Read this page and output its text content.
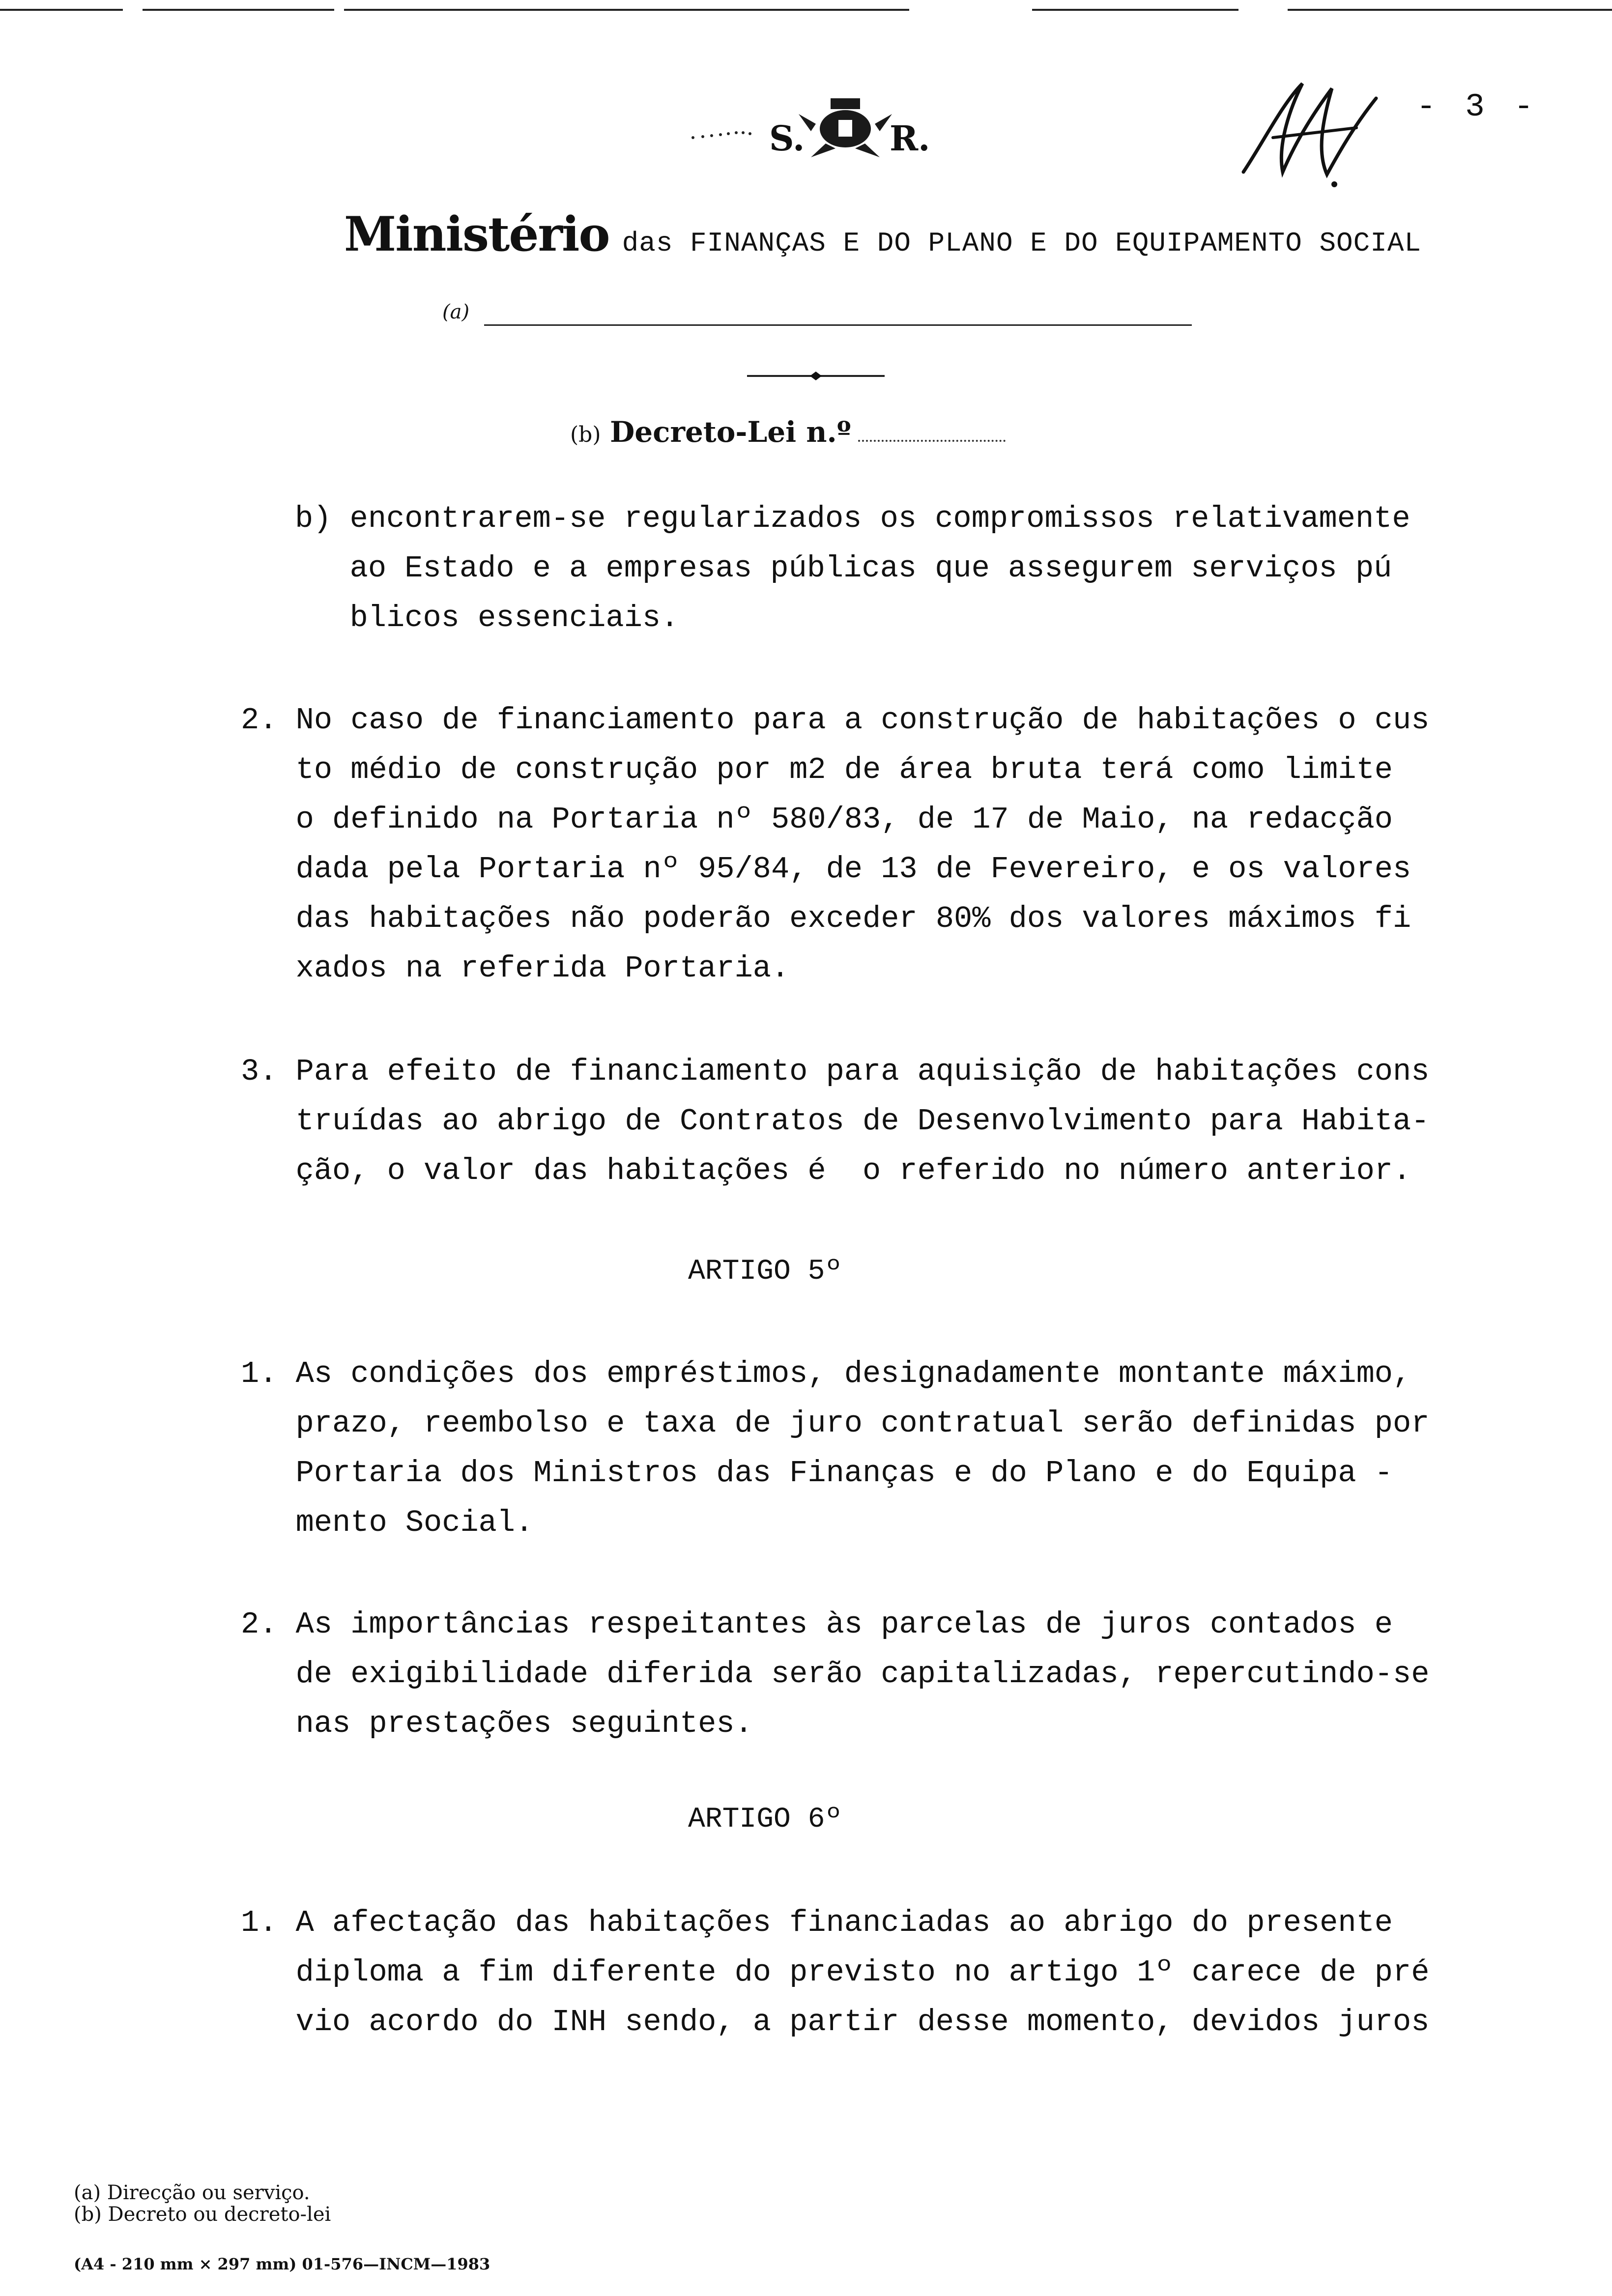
- 3 -
S. R.
Ministério das FINANÇAS E DO PLANO E DO EQUIPAMENTO SOCIAL
(a)
(b) Decreto-Lei n.º
b) encontrarem-se regularizados os compromissos relativamente
ao Estado e a empresas públicas que assegurem serviços pú
blicos essenciais.
2. No caso de financiamento para a construção de habitações o cus
to médio de construção por m2 de área bruta terá como limite
o definido na Portaria nº 580/83, de 17 de Maio, na redacção
dada pela Portaria nº 95/84, de 13 de Fevereiro, e os valores
das habitações não poderão exceder 80% dos valores máximos fi
xados na referida Portaria.
3. Para efeito de financiamento para aquisição de habitações cons
truídas ao abrigo de Contratos de Desenvolvimento para Habita-
ção, o valor das habitações é  o referido no número anterior.
ARTIGO 5º
1. As condições dos empréstimos, designadamente montante máximo,
prazo, reembolso e taxa de juro contratual serão definidas por
Portaria dos Ministros das Finanças e do Plano e do Equipa -
mento Social.
2. As importâncias respeitantes às parcelas de juros contados e
de exigibilidade diferida serão capitalizadas, repercutindo-se
nas prestações seguintes.
ARTIGO 6º
1. A afectação das habitações financiadas ao abrigo do presente
diploma a fim diferente do previsto no artigo 1º carece de pré
vio acordo do INH sendo, a partir desse momento, devidos juros
(a) Direcção ou serviço.
(b) Decreto ou decreto-lei
(A4 - 210 mm × 297 mm) 01-576—INCM—1983
